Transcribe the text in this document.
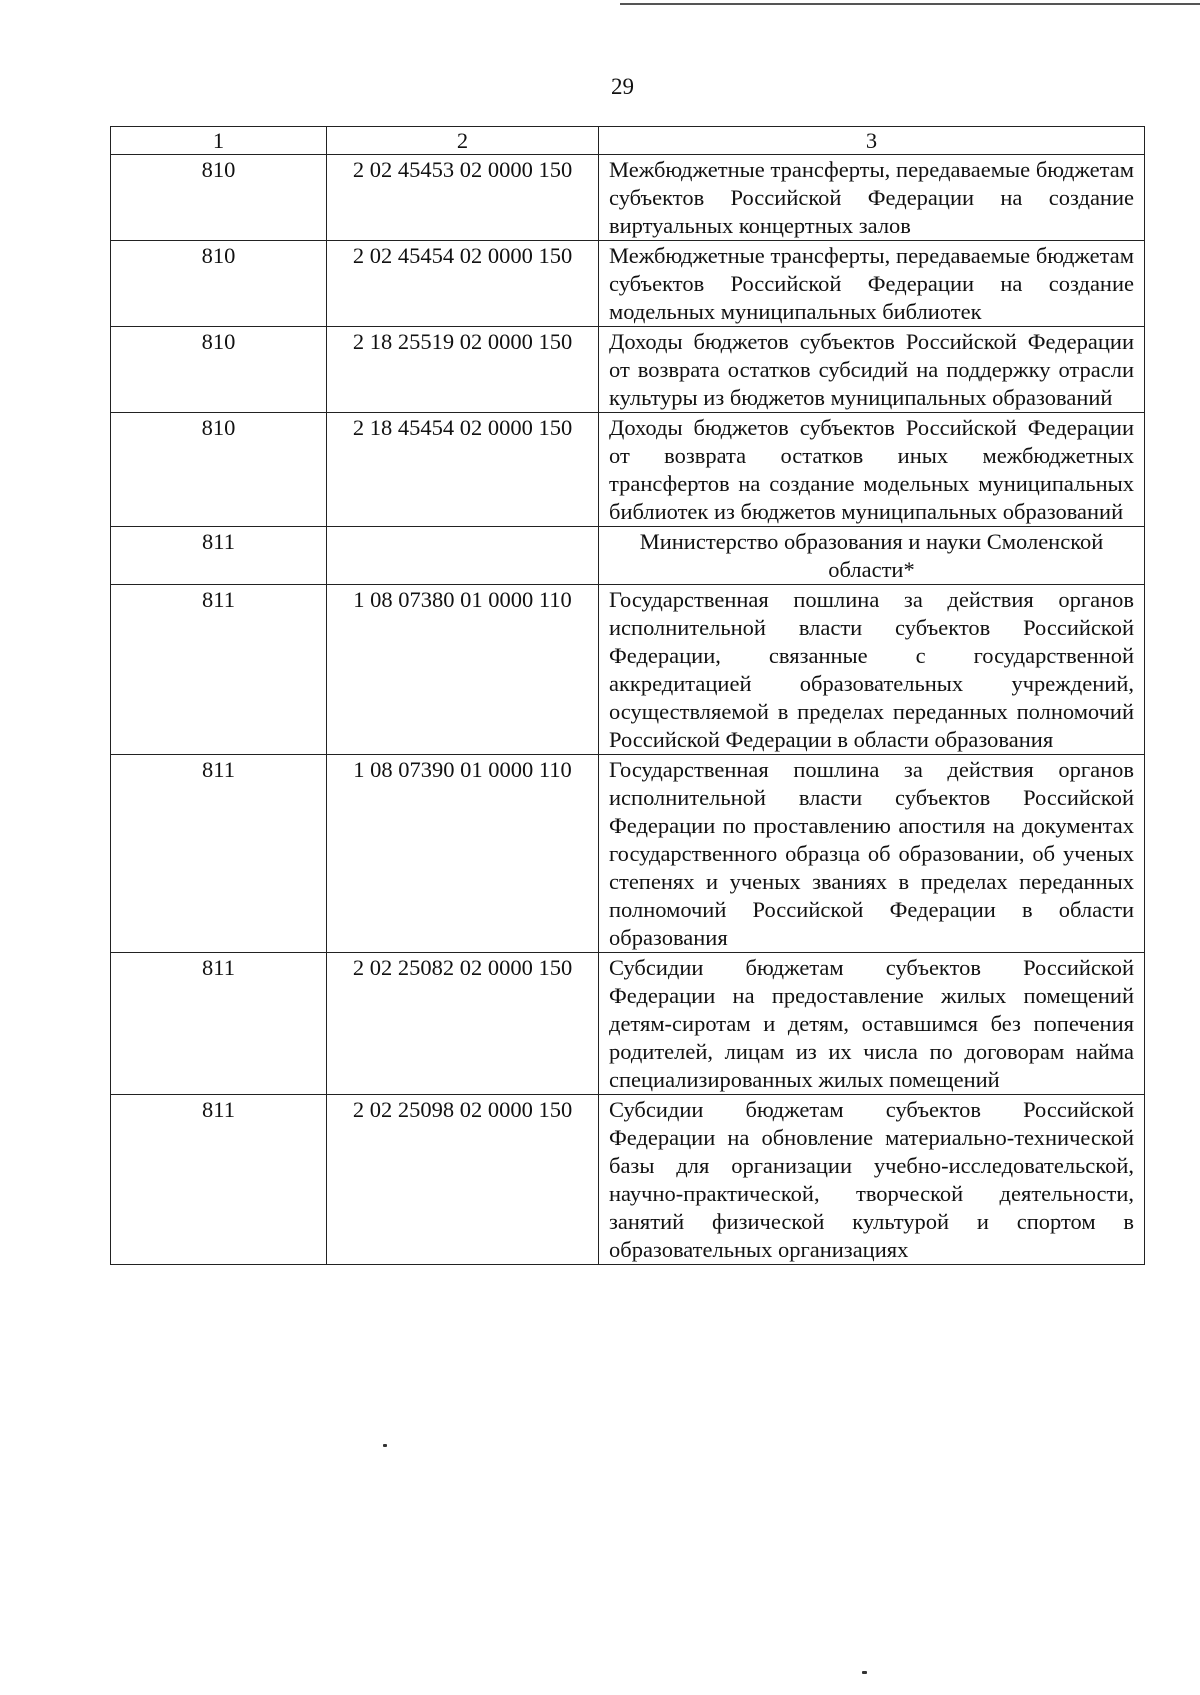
29
1	2	3
810	2 02 45453 02 0000 150	Межбюджетные трансферты, передаваемые бюджетам субъектов Российской Федерации на создание виртуальных концертных залов
810	2 02 45454 02 0000 150	Межбюджетные трансферты, передаваемые бюджетам субъектов Российской Федерации на создание модельных муниципальных библиотек
810	2 18 25519 02 0000 150	Доходы бюджетов субъектов Российской Федерации от возврата остатков субсидий на поддержку отрасли культуры из бюджетов муниципальных образований
810	2 18 45454 02 0000 150	Доходы бюджетов субъектов Российской Федерации от возврата остатков иных межбюджетных трансфертов на создание модельных муниципальных библиотек из бюджетов муниципальных образований
811		Министерство образования и науки Смоленской области*
811	1 08 07380 01 0000 110	Государственная пошлина за действия органов исполнительной власти субъектов Российской Федерации, связанные с государственной аккредитацией образовательных учреждений, осуществляемой в пределах переданных полномочий Российской Федерации в области образования
811	1 08 07390 01 0000 110	Государственная пошлина за действия органов исполнительной власти субъектов Российской Федерации по проставлению апостиля на документах государственного образца об образовании, об ученых степенях и ученых званиях в пределах переданных полномочий Российской Федерации в области образования
811	2 02 25082 02 0000 150	Субсидии бюджетам субъектов Российской Федерации на предоставление жилых помещений детям-сиротам и детям, оставшимся без попечения родителей, лицам из их числа по договорам найма специализированных жилых помещений
811	2 02 25098 02 0000 150	Субсидии бюджетам субъектов Российской Федерации на обновление материально-технической базы для организации учебно-исследовательской, научно-практической, творческой деятельности, занятий физической культурой и спортом в образовательных организациях
